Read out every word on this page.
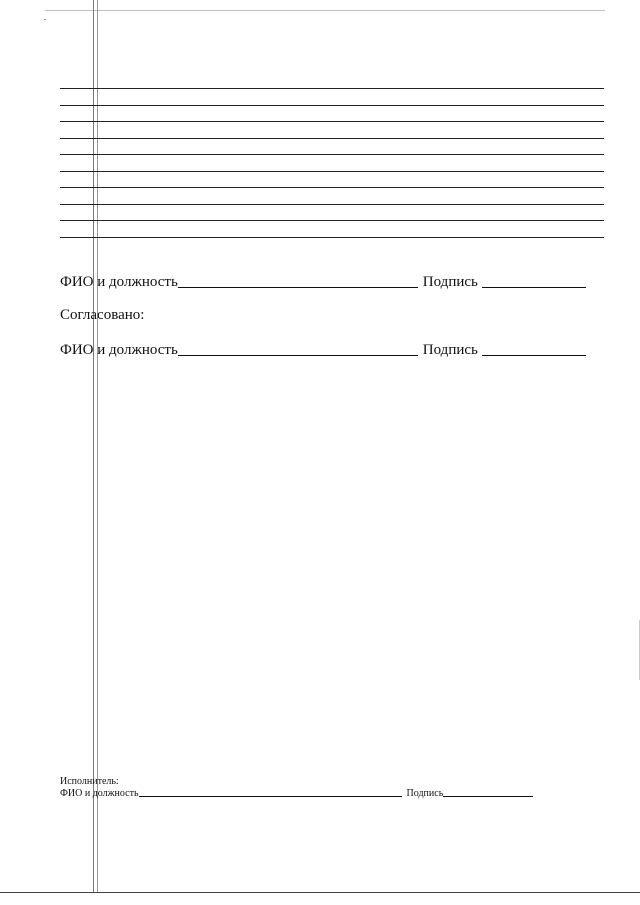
ФИО и должность	Подпись
Согласовано:
ФИО и должность	Подпись
Исполнитель:
ФИО и должность	Подпись
